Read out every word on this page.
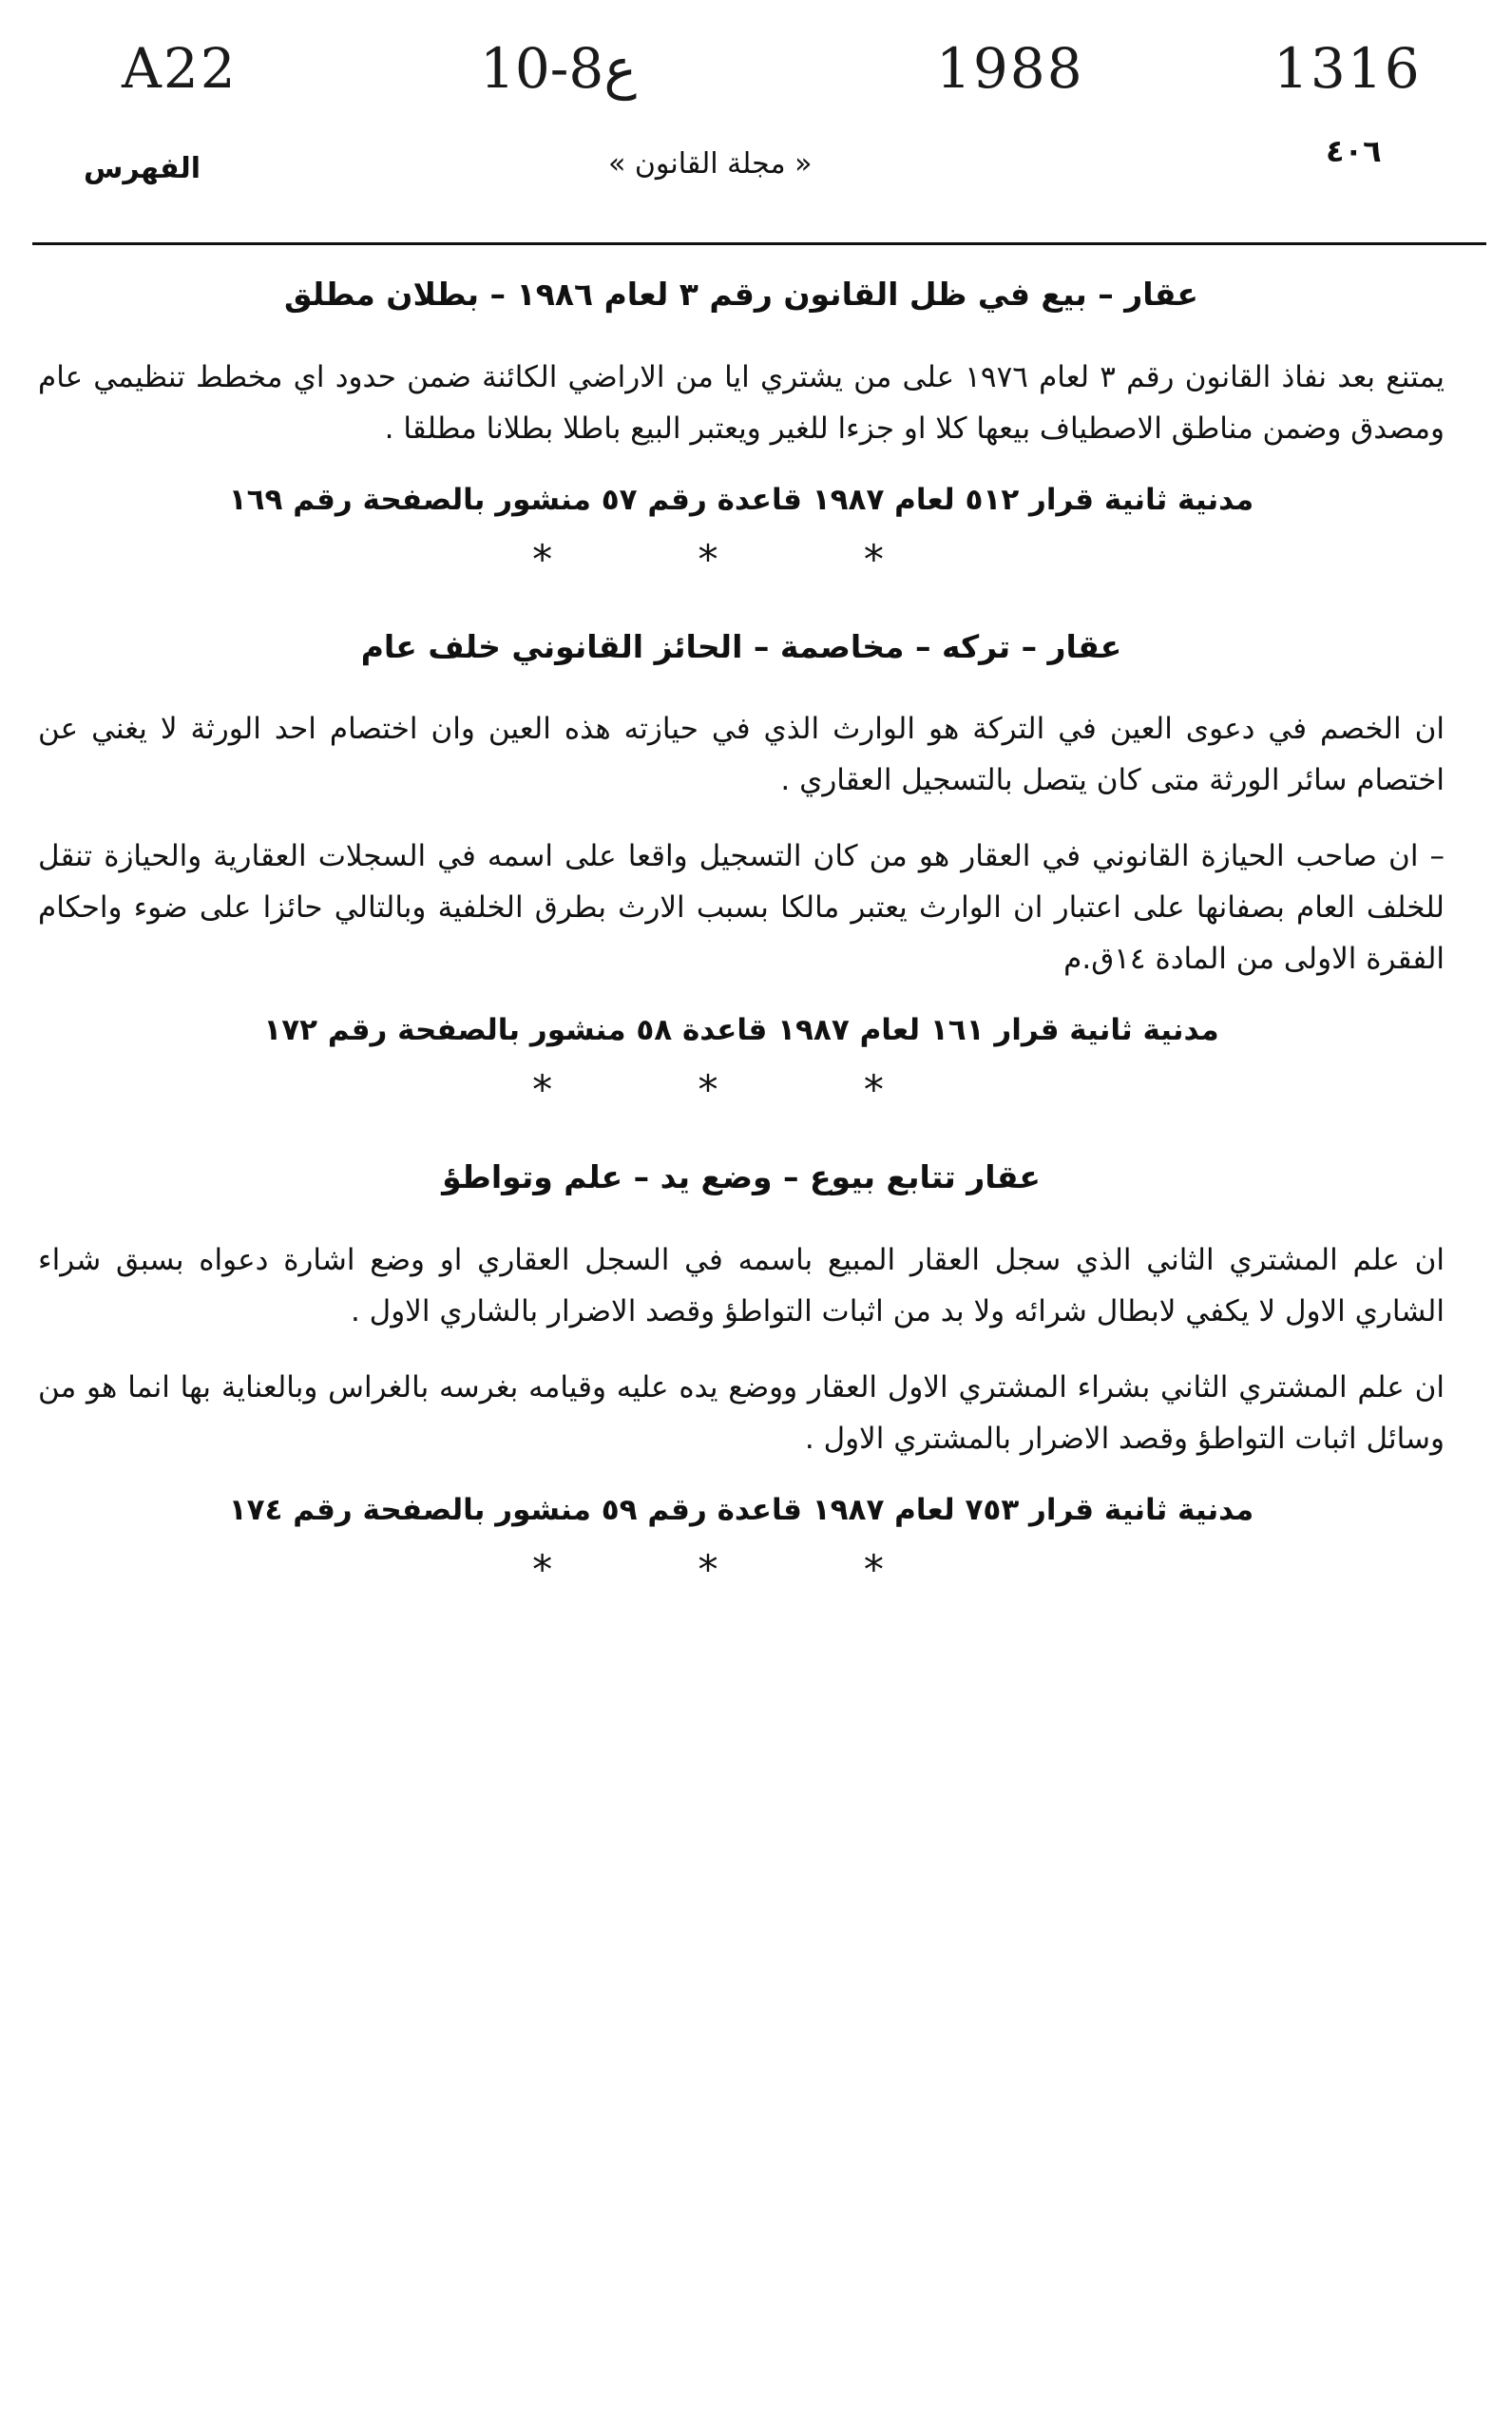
A22	10-8ع	1988	1316
الفهرس	« مجلة القانون »	٤٠٦
عقار – بيع في ظل القانون رقم ٣ لعام ١٩٨٦ – بطلان مطلق

يمتنع بعد نفاذ القانون رقم ٣ لعام ١٩٧٦ على من يشتري ايا من الاراضي الكائنة ضمن حدود اي مخطط تنظيمي عام ومصدق وضمن مناطق الاصطياف بيعها كلا او جزءا للغير ويعتبر البيع باطلا بطلانا مطلقا .

مدنية ثانية قرار ٥١٢ لعام ١٩٨٧ قاعدة رقم ٥٧ منشور بالصفحة رقم ١٦٩
* * *
عقار – تركه – مخاصمة – الحائز القانوني خلف عام

ان الخصم في دعوى العين في التركة هو الوارث الذي في حيازته هذه العين وان اختصام احد الورثة لا يغني عن اختصام سائر الورثة متى كان يتصل بالتسجيل العقاري .

– ان صاحب الحيازة القانوني في العقار هو من كان التسجيل واقعا على اسمه في السجلات العقارية والحيازة تنقل للخلف العام بصفانها على اعتبار ان الوارث يعتبر مالكا بسبب الارث بطرق الخلفية وبالتالي حائزا على ضوء واحكام الفقرة الاولى من المادة ١٤ق.م

مدنية ثانية قرار ١٦١ لعام ١٩٨٧ قاعدة ٥٨ منشور بالصفحة رقم ١٧٢
* * *
عقار تتابع بيوع – وضع يد – علم وتواطؤ

ان علم المشتري الثاني الذي سجل العقار المبيع باسمه في السجل العقاري او وضع اشارة دعواه بسبق شراء الشاري الاول لا يكفي لابطال شرائه ولا بد من اثبات التواطؤ وقصد الاضرار بالشاري الاول .

ان علم المشتري الثاني بشراء المشتري الاول العقار ووضع يده عليه وقيامه بغرسه بالغراس وبالعناية بها انما هو من وسائل اثبات التواطؤ وقصد الاضرار بالمشتري الاول .

مدنية ثانية قرار ٧٥٣ لعام ١٩٨٧ قاعدة رقم ٥٩ منشور بالصفحة رقم ١٧٤
* * *
